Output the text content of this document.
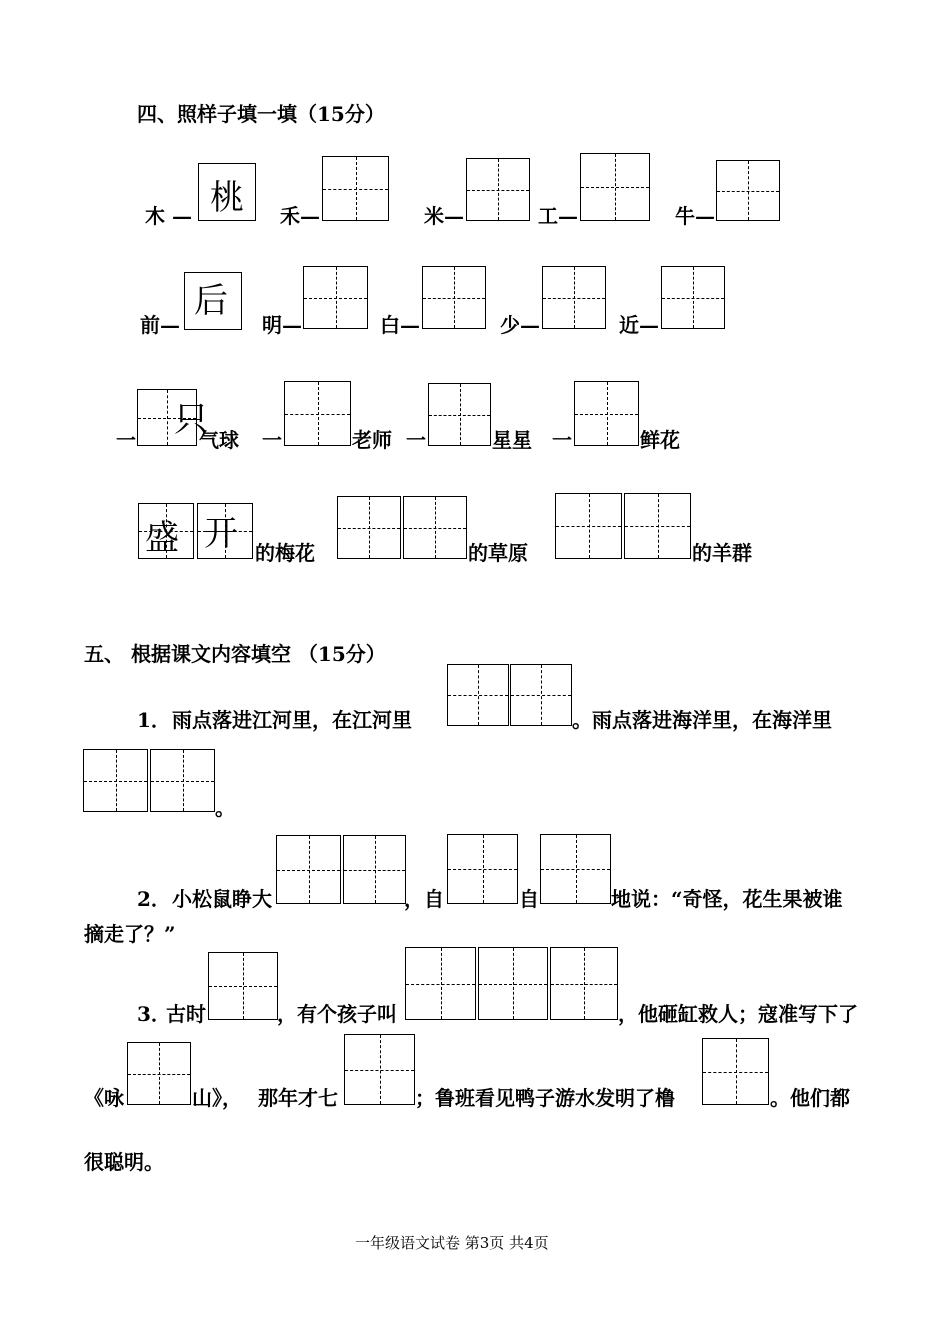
四、照样子填一填（15分）
木 — 桃 禾—	米—	工—	牛—
前—
后
明—	白—	少—	近—
一 只
气球 一	老师 一	星星 一	鲜花
盛 开 的梅花	的草原	的羊群
五、 根据课文内容填空 （15分）
1． 雨点落进江河里，在江河里	。雨点落进海洋里，在海洋里
。
2． 小松鼠睁大	，自	自	地说：“奇怪，花生果被谁
摘走了？”
3．
古时	，有个孩子叫	，他砸缸救人；寇准写下了
《咏	山》， 那年才七	；鲁班看见鸭子游水发明了橹	。他们都
很聪明。
一年级语文试卷 第3页 共4页
